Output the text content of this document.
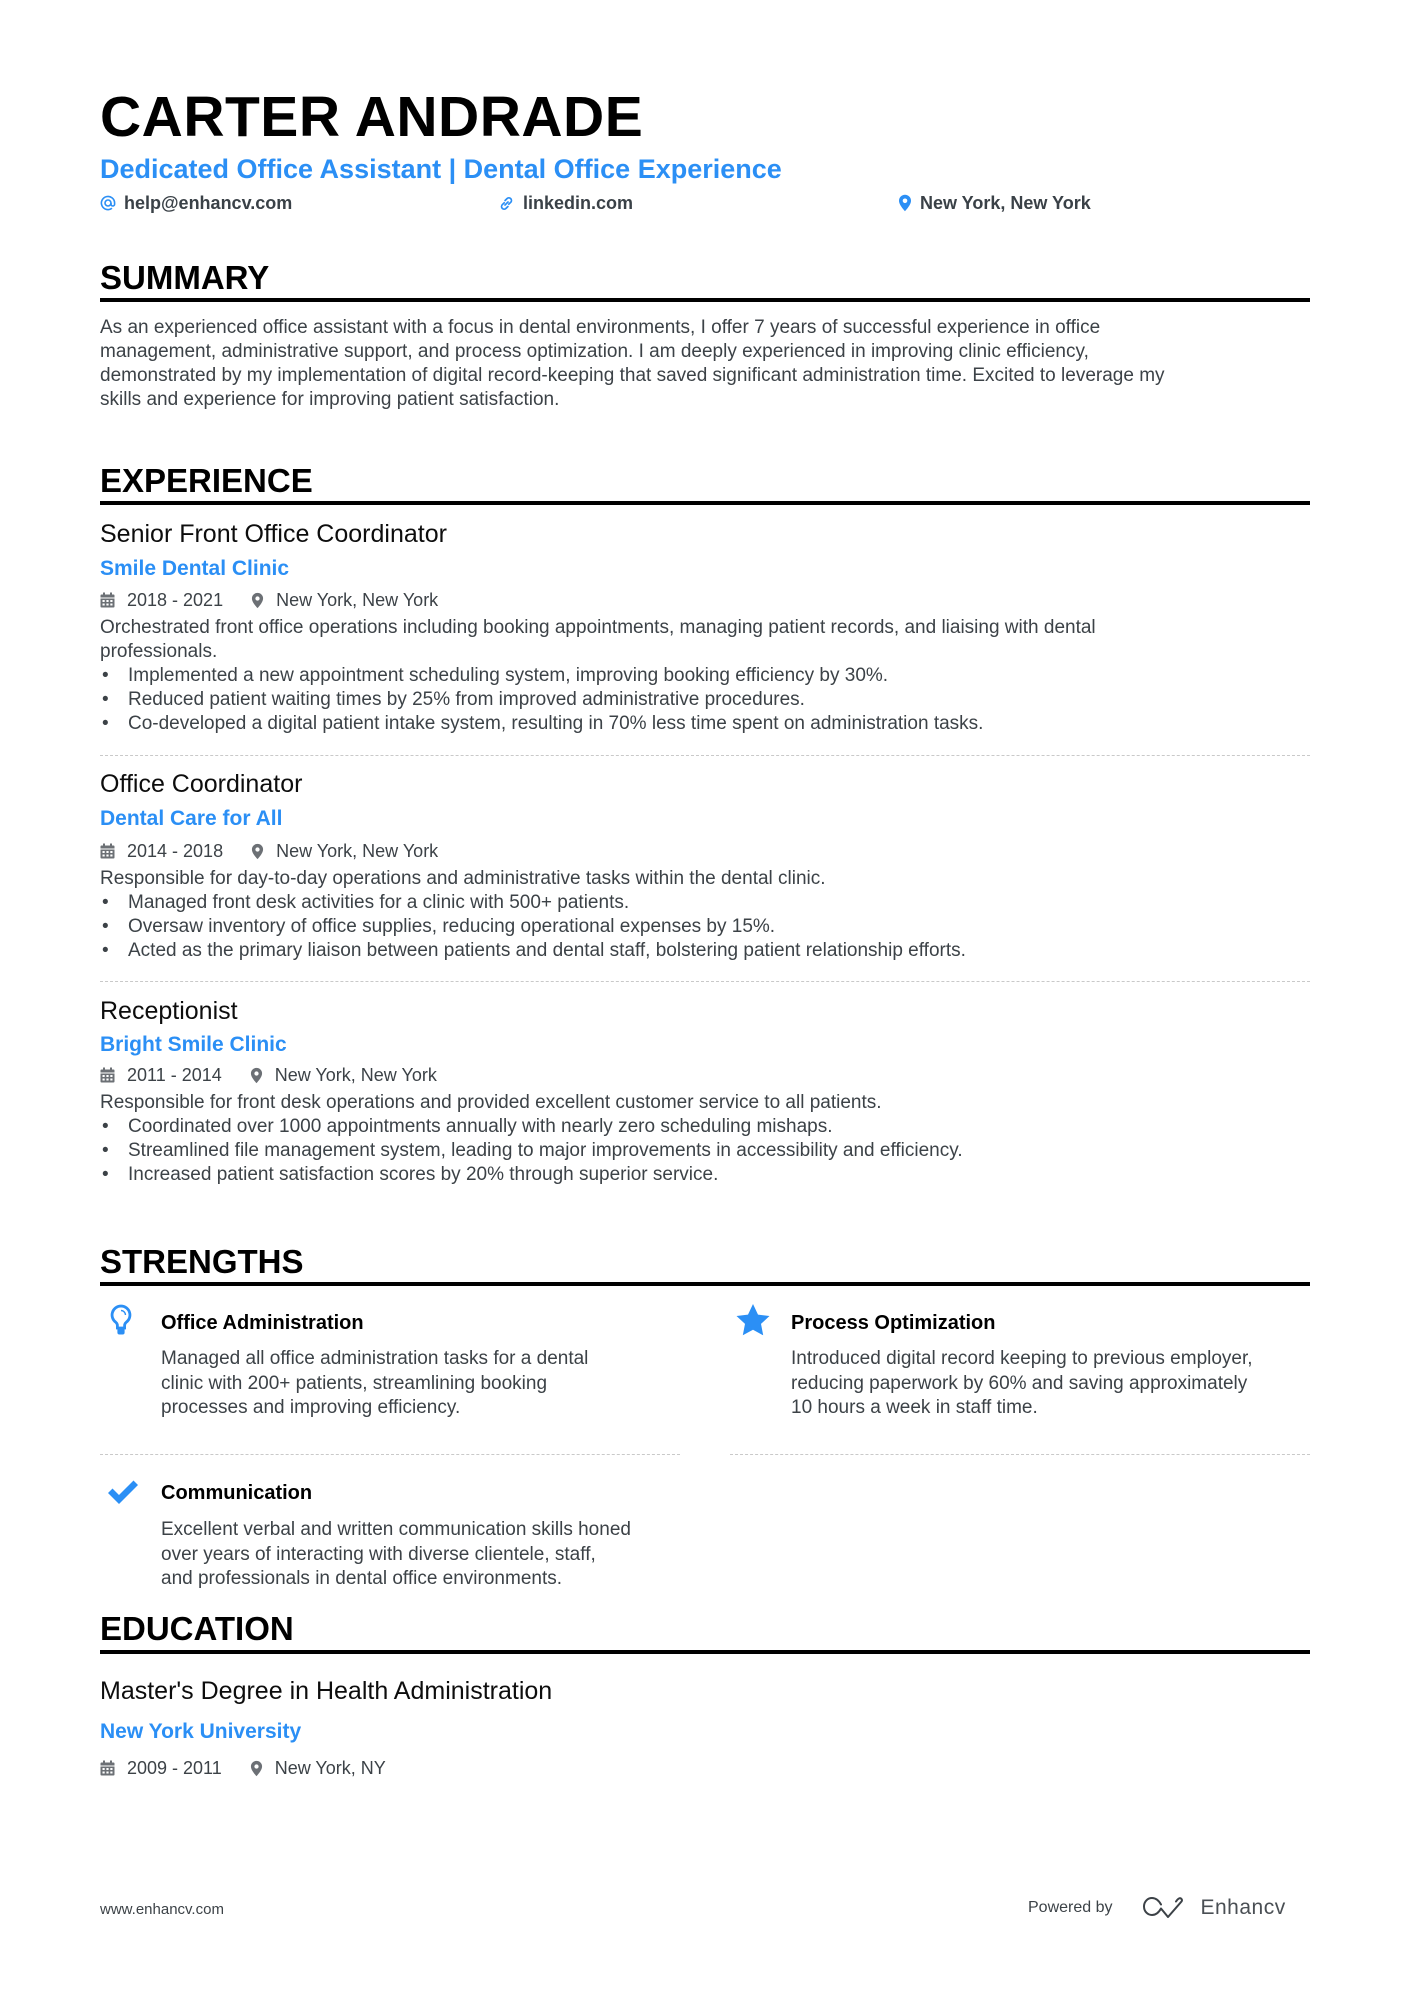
CARTER ANDRADE
Dedicated Office Assistant | Dental Office Experience
help@enhancv.com	linkedin.com	New York, New York
SUMMARY
As an experienced office assistant with a focus in dental environments, I offer 7 years of successful experience in office
management, administrative support, and process optimization. I am deeply experienced in improving clinic efficiency,
demonstrated by my implementation of digital record-keeping that saved significant administration time. Excited to leverage my
skills and experience for improving patient satisfaction.
EXPERIENCE
Senior Front Office Coordinator
Smile Dental Clinic
2018 - 2021	New York, New York
Orchestrated front office operations including booking appointments, managing patient records, and liaising with dental
professionals.
• Implemented a new appointment scheduling system, improving booking efficiency by 30%.
• Reduced patient waiting times by 25% from improved administrative procedures.
• Co-developed a digital patient intake system, resulting in 70% less time spent on administration tasks.
Office Coordinator
Dental Care for All
2014 - 2018	New York, New York
Responsible for day-to-day operations and administrative tasks within the dental clinic.
• Managed front desk activities for a clinic with 500+ patients.
• Oversaw inventory of office supplies, reducing operational expenses by 15%.
• Acted as the primary liaison between patients and dental staff, bolstering patient relationship efforts.
Receptionist
Bright Smile Clinic
2011 - 2014	New York, New York
Responsible for front desk operations and provided excellent customer service to all patients.
• Coordinated over 1000 appointments annually with nearly zero scheduling mishaps.
• Streamlined file management system, leading to major improvements in accessibility and efficiency.
• Increased patient satisfaction scores by 20% through superior service.
STRENGTHS
Office Administration
Managed all office administration tasks for a dental
clinic with 200+ patients, streamlining booking
processes and improving efficiency.
Process Optimization
Introduced digital record keeping to previous employer,
reducing paperwork by 60% and saving approximately
10 hours a week in staff time.
Communication
Excellent verbal and written communication skills honed
over years of interacting with diverse clientele, staff,
and professionals in dental office environments.
EDUCATION
Master's Degree in Health Administration
New York University
2009 - 2011	New York, NY
www.enhancv.com	Powered by	Enhancv
